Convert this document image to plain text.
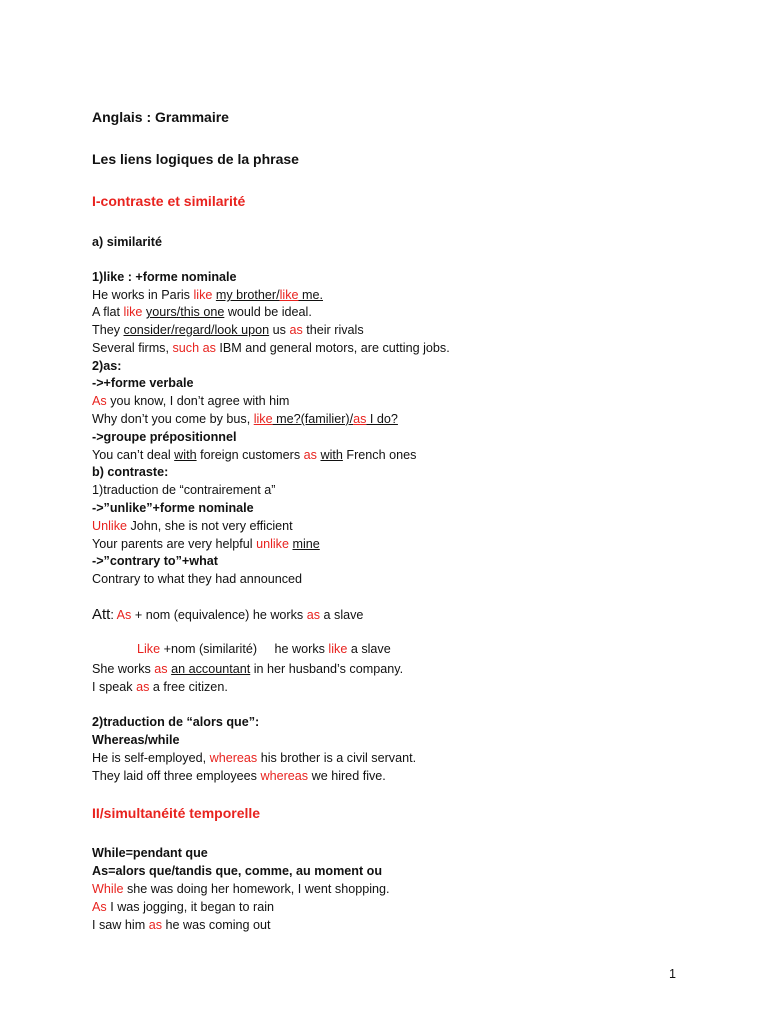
Anglais : Grammaire
Les liens logiques de la phrase
I-contraste et similarité
a) similarité
1)like : +forme nominale
He works in Paris like my brother/like me.
A flat like yours/this one would be ideal.
They consider/regard/look upon us as their rivals
Several firms, such as IBM and general motors, are cutting jobs.
2)as:
->+forme verbale
As you know, I don’t agree with him
Why don’t you come by bus, like me?(familier)/as I do?
->groupe prépositionnel
You can’t deal with foreign customers as with French ones
b) contraste:
1)traduction de “contrairement a”
->”unlike”+forme nominale
Unlike John, she is not very efficient
Your parents are very helpful unlike mine
->”contrary to”+what
Contrary to what they had announced
Att: As + nom (equivalence) he works as a slave

Like +nom (similarité)     he works like a slave

She works as an accountant in her husband’s company.
I speak as a free citizen.
2)traduction de “alors que”:
Whereas/while
He is self-employed, whereas his brother is a civil servant.
They laid off three employees whereas we hired five.
II/simultanéité temporelle
While=pendant que
As=alors que/tandis que, comme, au moment ou
While she was doing her homework, I went shopping.
As I was jogging, it began to rain
I saw him as he was coming out
1
